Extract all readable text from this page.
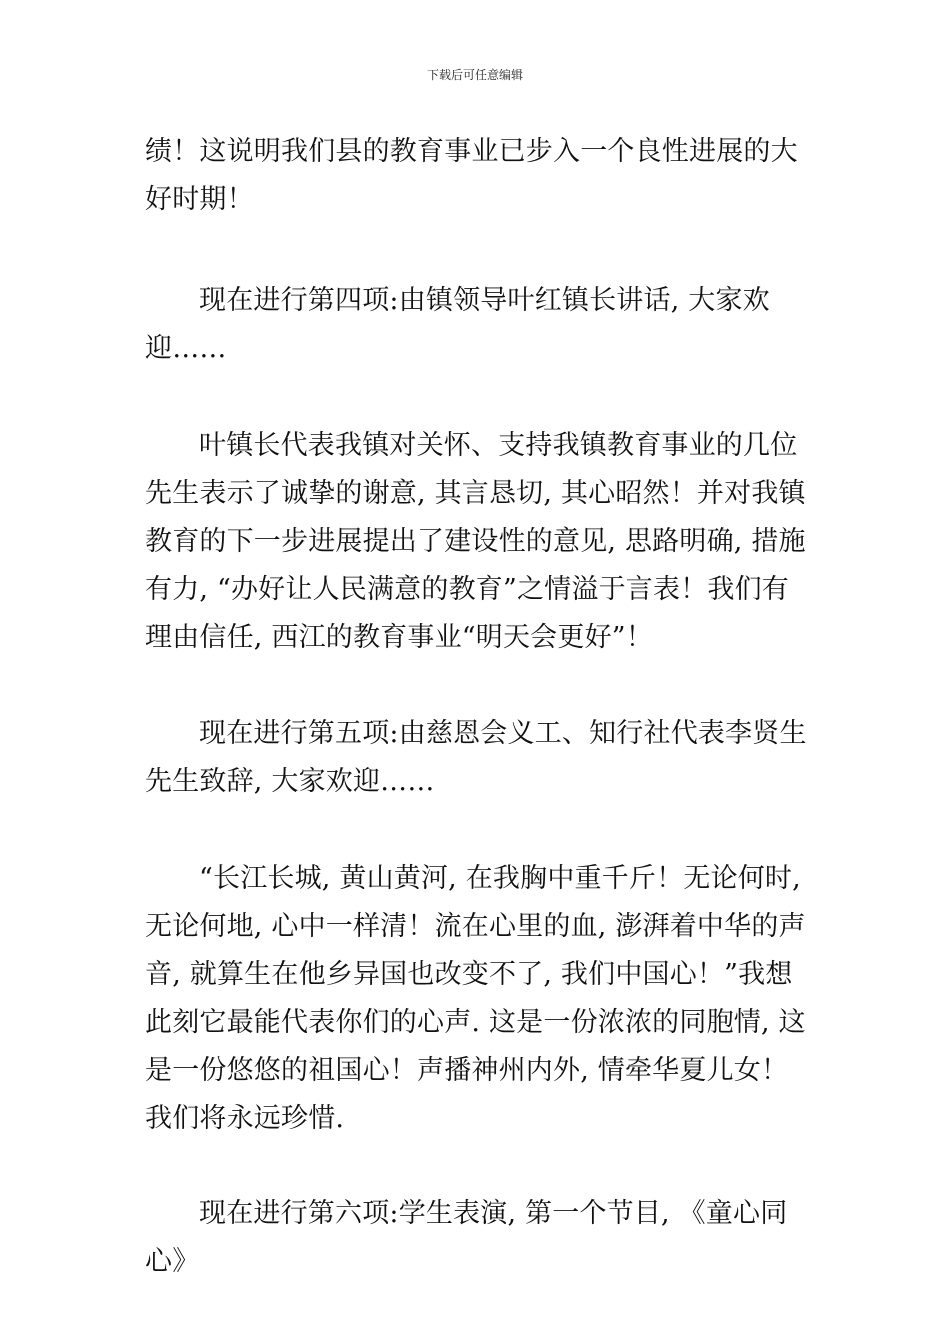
下载后可任意编辑

绩！这说明我们县的教育事业已步入一个良性进展的大好时期！

现在进行第四项:由镇领导叶红镇长讲话, 大家欢迎……

叶镇长代表我镇对关怀、支持我镇教育事业的几位先生表示了诚挚的谢意, 其言恳切, 其心昭然！并对我镇教育的下一步进展提出了建设性的意见, 思路明确, 措施有力, “办好让人民满意的教育”之情溢于言表！我们有理由信任, 西江的教育事业“明天会更好”！

现在进行第五项:由慈恩会义工、知行社代表李贤生先生致辞, 大家欢迎……

“长江长城, 黄山黄河, 在我胸中重千斤！无论何时, 无论何地, 心中一样清！流在心里的血, 澎湃着中华的声音, 就算生在他乡异国也改变不了, 我们中国心！”我想此刻它最能代表你们的心声. 这是一份浓浓的同胞情, 这是一份悠悠的祖国心！声播神州内外, 情牵华夏儿女！我们将永远珍惜.

现在进行第六项:学生表演, 第一个节目, 《童心同心》
